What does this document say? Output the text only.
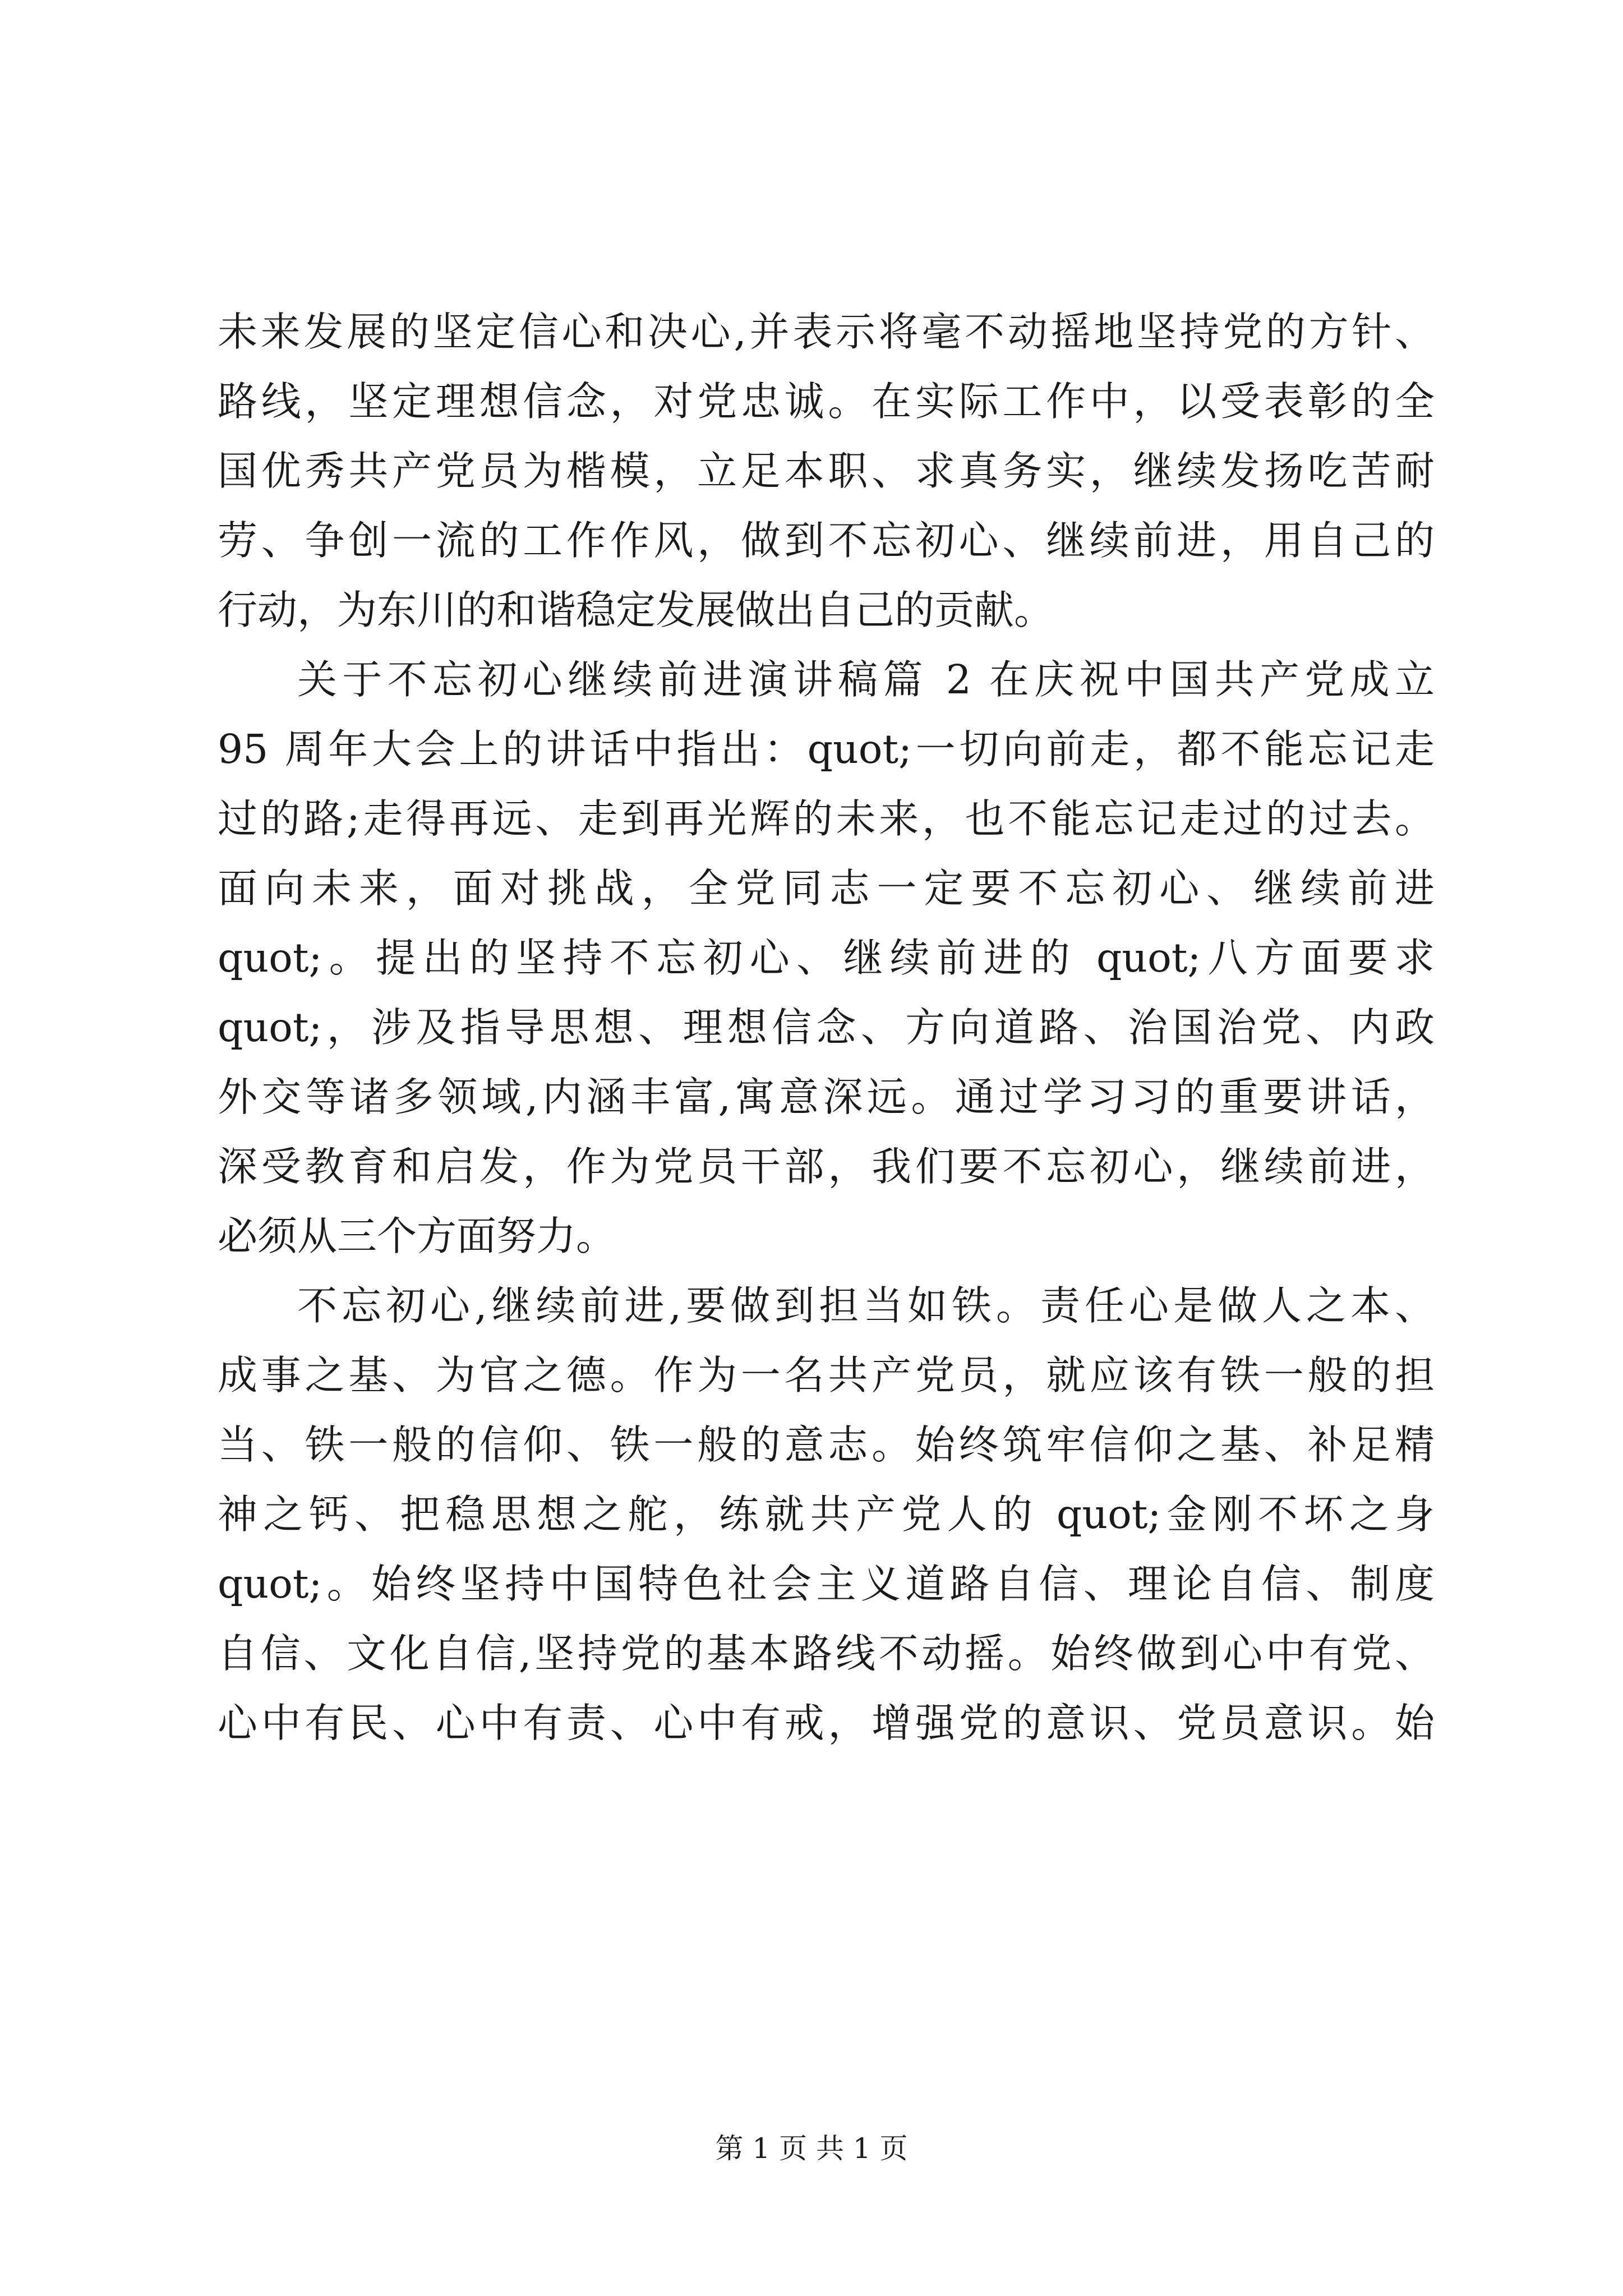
未来发展的坚定信心和决心,并表示将毫不动摇地坚持党的方针、
路线，坚定理想信念，对党忠诚。在实际工作中，以受表彰的全
国优秀共产党员为楷模，立足本职、求真务实，继续发扬吃苦耐
劳、争创一流的工作作风，做到不忘初心、继续前进，用自己的
行动，为东川的和谐稳定发展做出自己的贡献。
关于不忘初心继续前进演讲稿篇 2 在庆祝中国共产党成立
95 周年大会上的讲话中指出：quot;一切向前走，都不能忘记走
过的路;走得再远、走到再光辉的未来，也不能忘记走过的过去。
面向未来，面对挑战，全党同志一定要不忘初心、继续前进
quot;。提出的坚持不忘初心、继续前进的 quot;八方面要求
quot;，涉及指导思想、理想信念、方向道路、治国治党、内政
外交等诸多领域,内涵丰富,寓意深远。通过学习习的重要讲话，
深受教育和启发，作为党员干部，我们要不忘初心，继续前进，
必须从三个方面努力。
不忘初心,继续前进,要做到担当如铁。责任心是做人之本、
成事之基、为官之德。作为一名共产党员，就应该有铁一般的担
当、铁一般的信仰、铁一般的意志。始终筑牢信仰之基、补足精
神之钙、把稳思想之舵，练就共产党人的 quot;金刚不坏之身
quot;。始终坚持中国特色社会主义道路自信、理论自信、制度
自信、文化自信,坚持党的基本路线不动摇。始终做到心中有党、
心中有民、心中有责、心中有戒，增强党的意识、党员意识。始
第 1 页 共 1 页
